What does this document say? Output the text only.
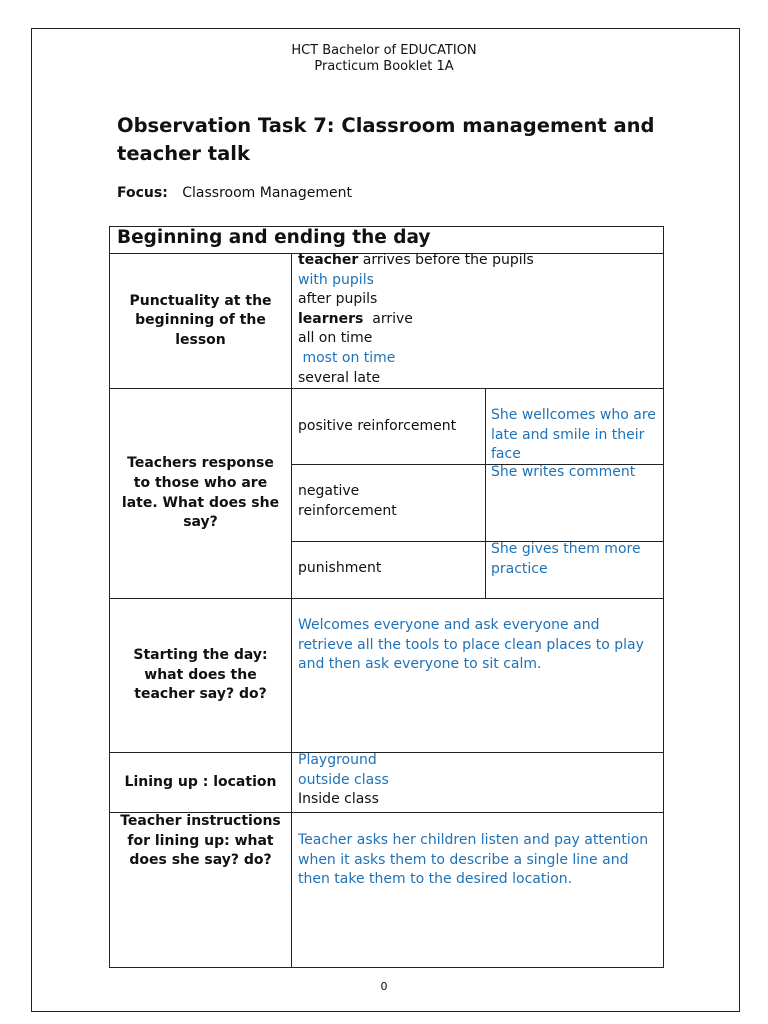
HCT Bachelor of EDUCATION
Practicum Booklet 1A
Observation Task 7: Classroom management and teacher talk
Focus: Classroom Management
Beginning and ending the day
Punctuality at the beginning of the lesson
teacher arrives before the pupils
with pupils
after pupils
learners  arrive
all on time
most on time
several late
Teachers response to those who are late. What does she say?
positive reinforcement
She wellcomes who are late and smile in their face
negative reinforcement
She writes comment
punishment
She gives them more practice
Starting the day: what does the teacher say? do?
Welcomes everyone and ask everyone and retrieve all the tools to place clean places to play and then ask everyone to sit calm.
Lining up : location
Playground
outside class
Inside class
Teacher instructions for lining up: what does she say? do?
Teacher asks her children listen and pay attention when it asks them to describe a single line and then take them to the desired location.
0
